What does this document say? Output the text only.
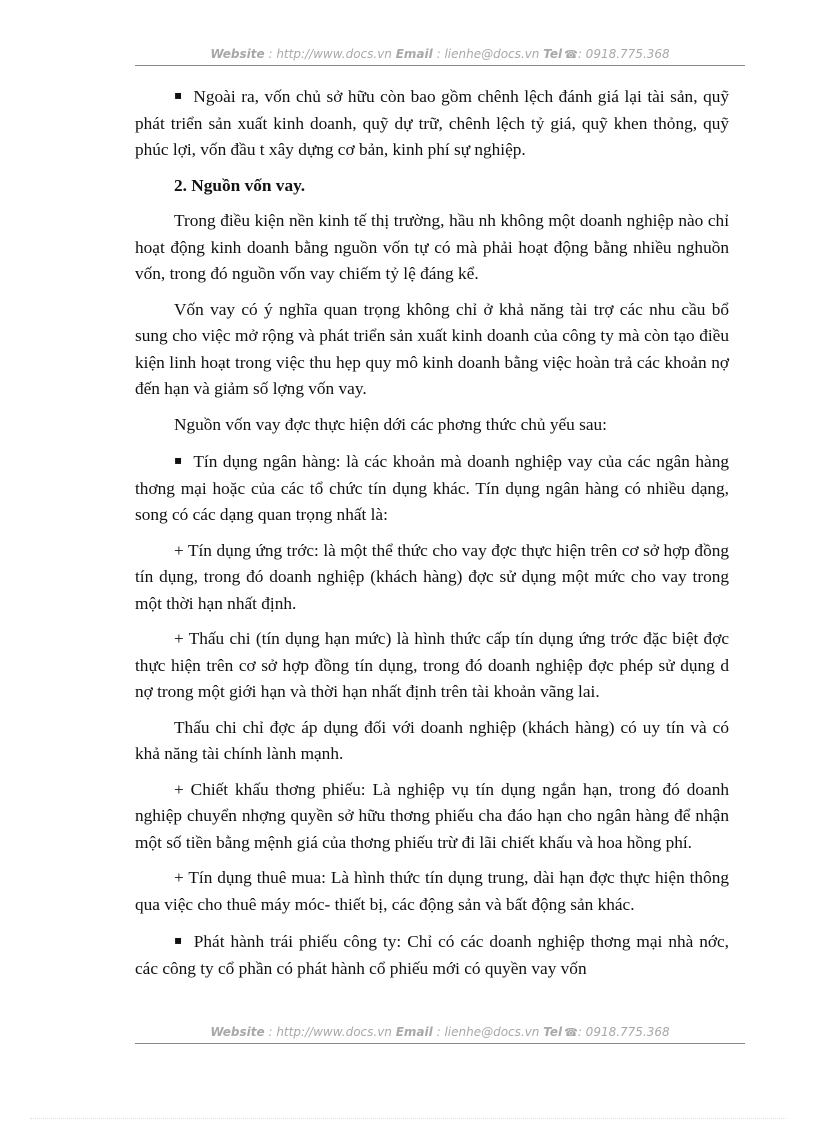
Website : http://www.docs.vn Email : lienhe@docs.vn Tel ☎: 0918.775.368

▪ Ngoài ra, vốn chủ sở hữu còn bao gồm chênh lệch đánh giá lại tài sản, quỹ phát triển sản xuất kinh doanh, quỹ dự trữ, chênh lệch tỷ giá, quỹ khen thỏng, quỹ phúc lợi, vốn đầu t xây dựng cơ bản, kinh phí sự nghiệp.

2. Nguồn vốn vay.

Trong điều kiện nền kinh tế thị trường, hầu nh không một doanh nghiệp nào chỉ hoạt động kinh doanh bằng nguồn vốn tự có mà phải hoạt động bằng nhiều nghuồn vốn, trong đó nguồn vốn vay chiếm tỷ lệ đáng kể.

Vốn vay có ý nghĩa quan trọng không chỉ ở khả năng tài trợ các nhu cầu bổ sung cho việc mở rộng và phát triển sản xuất kinh doanh của công ty mà còn tạo điều kiện linh hoạt trong việc thu hẹp quy mô kinh doanh bằng việc hoàn trả các khoản nợ đến hạn và giảm số lợng vốn vay.

Nguồn vốn vay đợc thực hiện dới các phơng thức chủ yếu sau:

▪ Tín dụng ngân hàng: là các khoản mà doanh nghiệp vay của các ngân hàng thơng mại hoặc của các tổ chức tín dụng khác. Tín dụng ngân hàng có nhiều dạng, song có các dạng quan trọng nhất là:

+ Tín dụng ứng trớc: là một thể thức cho vay đợc thực hiện trên cơ sở hợp đồng tín dụng, trong đó doanh nghiệp (khách hàng) đợc sử dụng một mức cho vay trong một thời hạn nhất định.

+ Thấu chi (tín dụng hạn mức) là hình thức cấp tín dụng ứng trớc đặc biệt đợc thực hiện trên cơ sở hợp đồng tín dụng, trong đó doanh nghiệp đợc phép sử dụng d nợ trong một giới hạn và thời hạn nhất định trên tài khoản vãng lai.

Thấu chi chỉ đợc áp dụng đối với doanh nghiệp (khách hàng) có uy tín và có khả năng tài chính lành mạnh.

+ Chiết khấu thơng phiếu: Là nghiệp vụ tín dụng ngắn hạn, trong đó doanh nghiệp chuyển nhợng quyền sở hữu thơng phiếu cha đáo hạn cho ngân hàng để nhận một số tiền bằng mệnh giá của thơng phiếu trừ đi lãi chiết khấu và hoa hồng phí.

+ Tín dụng thuê mua: Là hình thức tín dụng trung, dài hạn đợc thực hiện thông qua việc cho thuê máy móc- thiết bị, các động sản và bất động sản khác.

▪ Phát hành trái phiếu công ty: Chỉ có các doanh nghiệp thơng mại nhà nớc, các công ty cổ phần có phát hành cổ phiếu mới có quyền vay vốn

Website : http://www.docs.vn Email : lienhe@docs.vn Tel ☎: 0918.775.368
